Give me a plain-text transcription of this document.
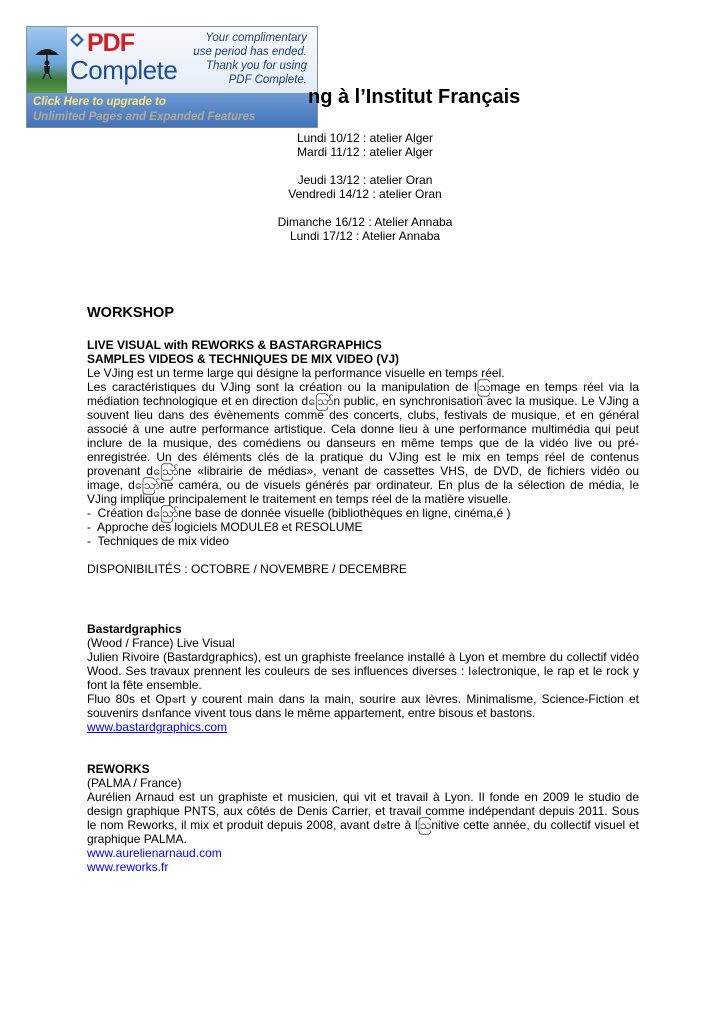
PDF
Complete
Your complimentary
use period has ended.
Thank you for using
PDF Complete.
Click Here to upgrade to
Unlimited Pages and Expanded Features
ng à l’Institut Français
Lundi 10/12 : atelier Alger
Mardi 11/12 : atelier Alger
Jeudi 13/12 : atelier Oran
Vendredi 14/12 : atelier Oran
Dimanche 16/12 : Atelier Annaba
Lundi 17/12 : Atelier Annaba
WORKSHOP

LIVE VISUAL with REWORKS & BASTARGRAPHICS

SAMPLES VIDEOS & TECHNIQUES DE MIX VIDEO (VJ)

Le VJing est un terme large qui désigne la performance visuelle en temps réel.

Les caractéristiques du VJing sont la création ou la manipulation de lဩmage en temps réel via la médiation technologique et en direction dဪn public, en synchronisation avec la musique. Le VJing a souvent lieu dans des évènements comme des concerts, clubs, festivals de musique, et en général associé à une autre performance artistique. Cela donne lieu à une performance multimédia qui peut inclure de la musique, des comédiens ou danseurs en même temps que de la vidéo live ou pré-enregistrée. Un des éléments clés de la pratique du VJing est le mix en temps réel de contenus provenant dဪne «librairie de médias», venant de cassettes VHS, de DVD, de fichiers vidéo ou image, dဪne caméra, ou de visuels générés par ordinateur. En plus de la sélection de média, le VJing implique principalement le traitement en temps réel de la matière visuelle.

- Création dဪne base de donnée visuelle (bibliothèques en ligne, cinéma,é )
- Approche des logiciels MODULE8 et RESOLUME
- Techniques de mix video

DISPONIBILITÉS : OCTOBRE / NOVEMBRE / DECEMBRE

Bastardgraphics

(Wood / France) Live Visual

Julien Rivoire (Bastardgraphics), est un graphiste freelance installé à Lyon et membre du collectif vidéo Wood. Ses travaux prennent les couleurs de ses influences diverses : lဧlectronique, le rap et le rock y font la fête ensemble.

Fluo 80s et Opဧrt y courent main dans la main, sourire aux lèvres. Minimalisme, Science-Fiction et souvenirs dဧnfance vivent tous dans le même appartement, entre bisous et bastons.

www.bastardgraphics.com

REWORKS

(PALMA / France)

Aurélien Arnaud est un graphiste et musicien, qui vit et travail à Lyon. Il fonde en 2009 le studio de design graphique PNTS, aux côtés de Denis Carrier, et travail comme indépendant depuis 2011. Sous le nom Reworks, il mix et produit depuis 2008, avant dဧtre à lဩnitive cette année, du collectif visuel et graphique PALMA.

www.aurelienarnaud.com

www.reworks.fr
